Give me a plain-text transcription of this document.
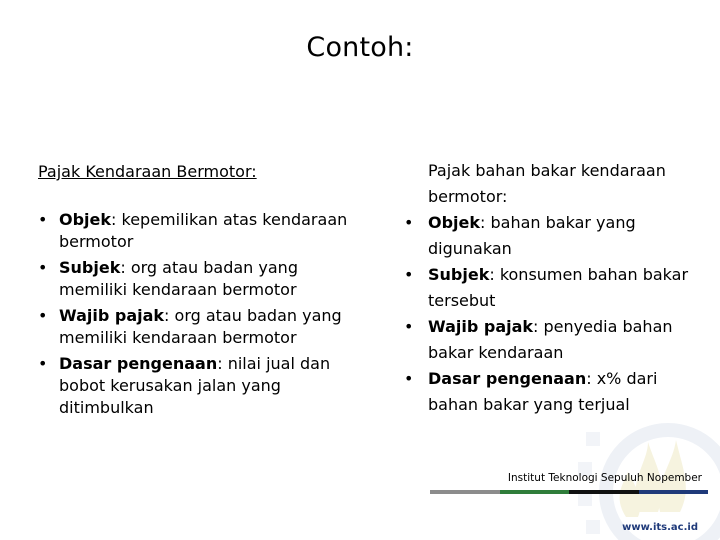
Contoh:
Pajak Kendaraan Bermotor:
• Objek: kepemilikan atas kendaraan bermotor
• Subjek: org atau badan yang memiliki kendaraan bermotor
• Wajib pajak: org atau badan yang memiliki kendaraan bermotor
• Dasar pengenaan: nilai jual dan bobot kerusakan jalan yang ditimbulkan
Pajak bahan bakar kendaraan bermotor:
• Objek: bahan bakar yang digunakan
• Subjek: konsumen bahan bakar tersebut
• Wajib pajak: penyedia bahan bakar kendaraan
• Dasar pengenaan: x% dari bahan bakar yang terjual
Institut Teknologi Sepuluh Nopember
www.its.ac.id
